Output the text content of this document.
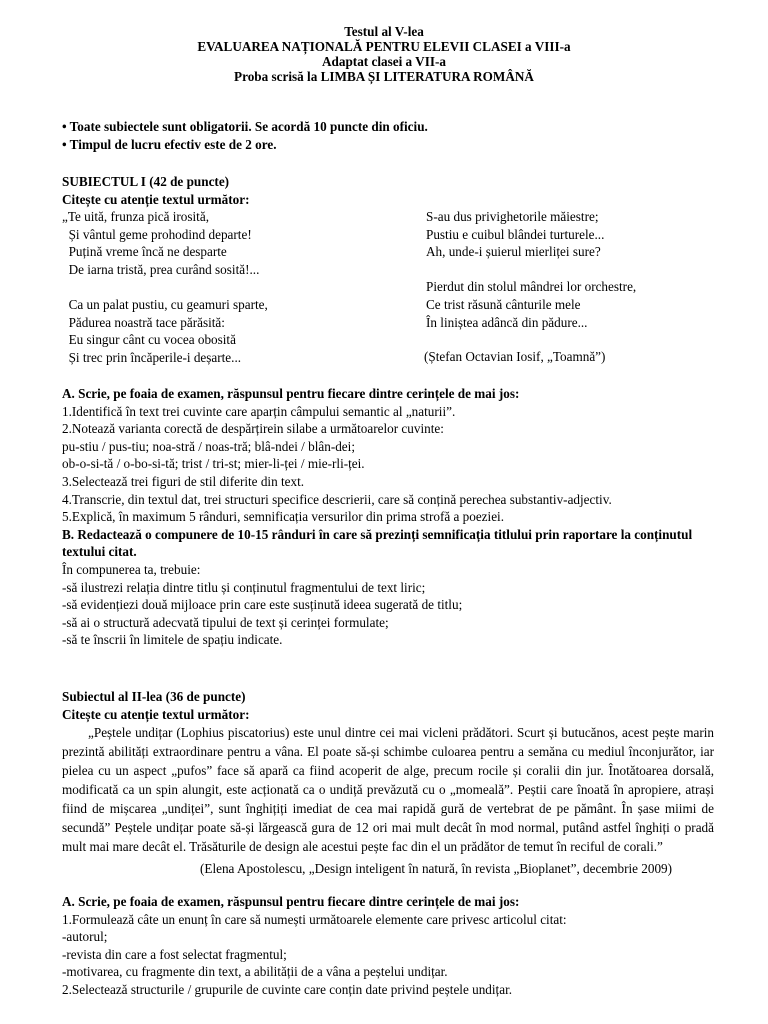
Testul al V-lea
EVALUAREA NAȚIONALĂ PENTRU ELEVII CLASEI a VIII-a
Adaptat clasei a VII-a
Proba scrisă la LIMBA ȘI LITERATURA ROMÂNĂ
• Toate subiectele sunt obligatorii. Se acordă 10 puncte din oficiu.
• Timpul de lucru efectiv este de 2 ore.
SUBIECTUL I (42 de puncte)
Citește cu atenție textul următor:
„Te uită, frunza pică irosită,
Și vântul geme prohodind departe!
Puțină vreme încă ne desparte
De iarna tristă, prea curând sosită!...
Ca un palat pustiu, cu geamuri sparte,
Pădurea noastră tace părăsită:
Eu singur cânt cu vocea obosită
Și trec prin încăperile-i deșarte...
S-au dus privighetorile măiestre;
Pustiu e cuibul blândei turturele...
Ah, unde-i șuierul mierliței sure?
Pierdut din stolul mândrei lor orchestre,
Ce trist răsună cânturile mele
În liniștea adâncă din pădure...
(Ștefan Octavian Iosif, „Toamnă”)
A. Scrie, pe foaia de examen, răspunsul pentru fiecare dintre cerințele de mai jos:
1.Identifică în text trei cuvinte care aparțin câmpului semantic al „naturii”.
2.Notează varianta corectă de despărțirein silabe a următoarelor cuvinte:
pu-stiu / pus-tiu; noa-stră / noas-tră; blâ-ndei / blân-dei;
ob-o-si-tă / o-bo-si-tă; trist / tri-st; mier-li-ței / mie-rli-ței.
3.Selectează trei figuri de stil diferite din text.
4.Transcrie, din textul dat, trei structuri specifice descrierii, care să conțină perechea substantiv-adjectiv.
5.Explică, în maximum 5 rânduri, semnificația versurilor din prima strofă a poeziei.
B. Redactează o compunere de 10-15 rânduri în care să prezinți semnificația titlului prin raportare la conținutul textului citat.
În compunerea ta, trebuie:
-să ilustrezi relația dintre titlu și conținutul fragmentului de text liric;
-să evidențiezi două mijloace prin care este susținută ideea sugerată de titlu;
-să ai o structură adecvată tipului de text și cerinței formulate;
-să te înscrii în limitele de spațiu indicate.
Subiectul al II-lea (36 de puncte)
Citește cu atenție textul următor:
„Peștele undițar (Lophius piscatorius) este unul dintre cei mai vicleni prădători. Scurt și butucănos, acest pește marin prezintă abilități extraordinare pentru a vâna. El poate să-și schimbe culoarea pentru a semăna cu mediul înconjurător, iar pielea cu un aspect „pufos” face să apară ca fiind acoperit de alge, precum rocile și coralii din jur. Înotătoarea dorsală, modificată ca un spin alungit, este acționată ca o undiță prevăzută cu o „momeală”. Peștii care înoată în apropiere, atrași fiind de mișcarea „undiței”, sunt înghițiți imediat de cea mai rapidă gură de vertebrat de pe pământ. În șase miimi de secundă” Peștele undițar poate să-și lărgească gura de 12 ori mai mult decât în mod normal, putând astfel înghiți o pradă mult mai mare decât el. Trăsăturile de design ale acestui pește fac din el un prădător de temut în reciful de corali.”
(Elena Apostolescu, „Design inteligent în natură, în revista „Bioplanet”, decembrie 2009)
A. Scrie, pe foaia de examen, răspunsul pentru fiecare dintre cerințele de mai jos:
1.Formulează câte un enunț în care să numești următoarele elemente care privesc articolul citat:
-autorul;
-revista din care a fost selectat fragmentul;
-motivarea, cu fragmente din text, a abilității de a vâna a peștelui undițar.
2.Selectează structurile / grupurile de cuvinte care conțin date privind peștele undițar.
